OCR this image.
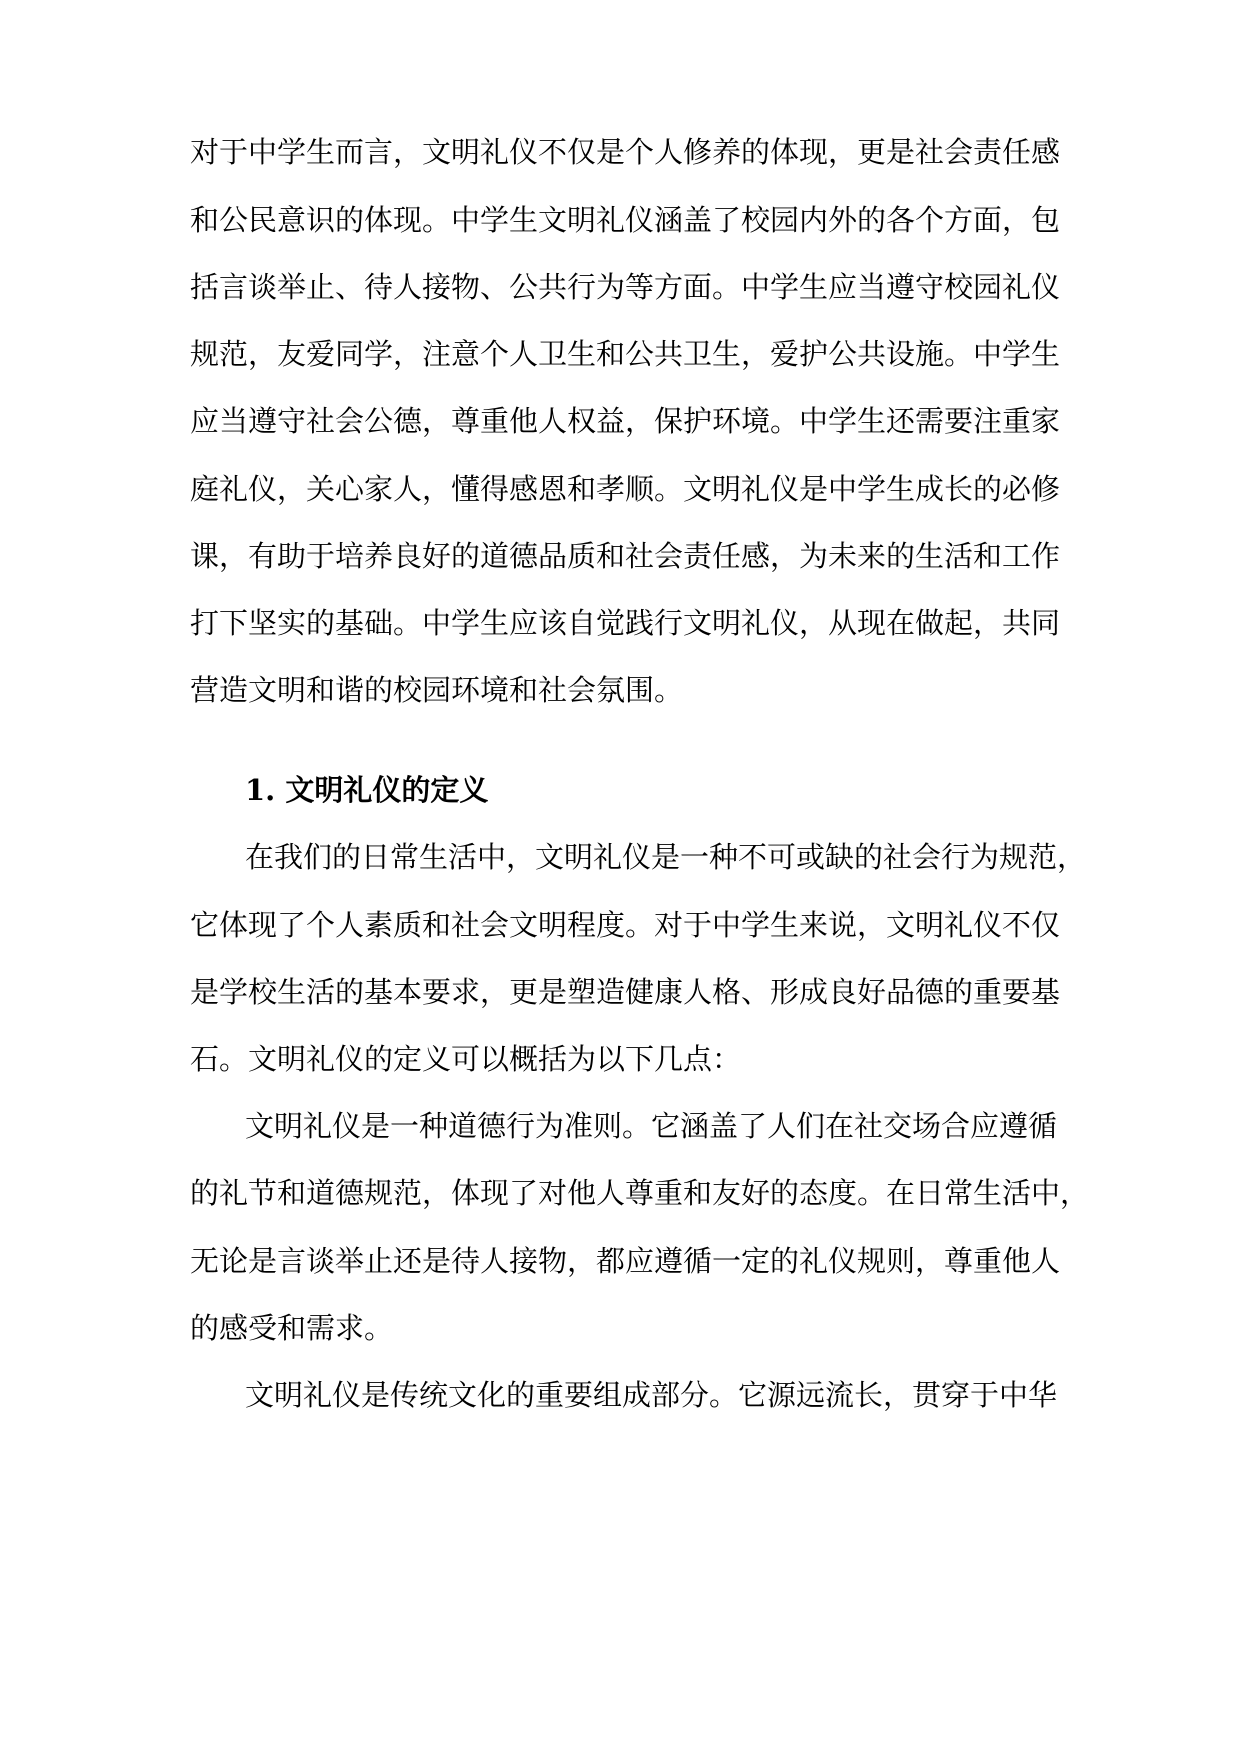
对于中学生而言，文明礼仪不仅是个人修养的体现，更是社会责任感
和公民意识的体现。中学生文明礼仪涵盖了校园内外的各个方面，包
括言谈举止、待人接物、公共行为等方面。中学生应当遵守校园礼仪
规范，友爱同学，注意个人卫生和公共卫生，爱护公共设施。中学生
应当遵守社会公德，尊重他人权益，保护环境。中学生还需要注重家
庭礼仪，关心家人，懂得感恩和孝顺。文明礼仪是中学生成长的必修
课，有助于培养良好的道德品质和社会责任感，为未来的生活和工作
打下坚实的基础。中学生应该自觉践行文明礼仪，从现在做起，共同
营造文明和谐的校园环境和社会氛围。
1. 文明礼仪的定义
在我们的日常生活中，文明礼仪是一种不可或缺的社会行为规范，
它体现了个人素质和社会文明程度。对于中学生来说，文明礼仪不仅
是学校生活的基本要求，更是塑造健康人格、形成良好品德的重要基
石。文明礼仪的定义可以概括为以下几点：
文明礼仪是一种道德行为准则。它涵盖了人们在社交场合应遵循
的礼节和道德规范，体现了对他人尊重和友好的态度。在日常生活中，
无论是言谈举止还是待人接物，都应遵循一定的礼仪规则，尊重他人
的感受和需求。
文明礼仪是传统文化的重要组成部分。它源远流长，贯穿于中华
